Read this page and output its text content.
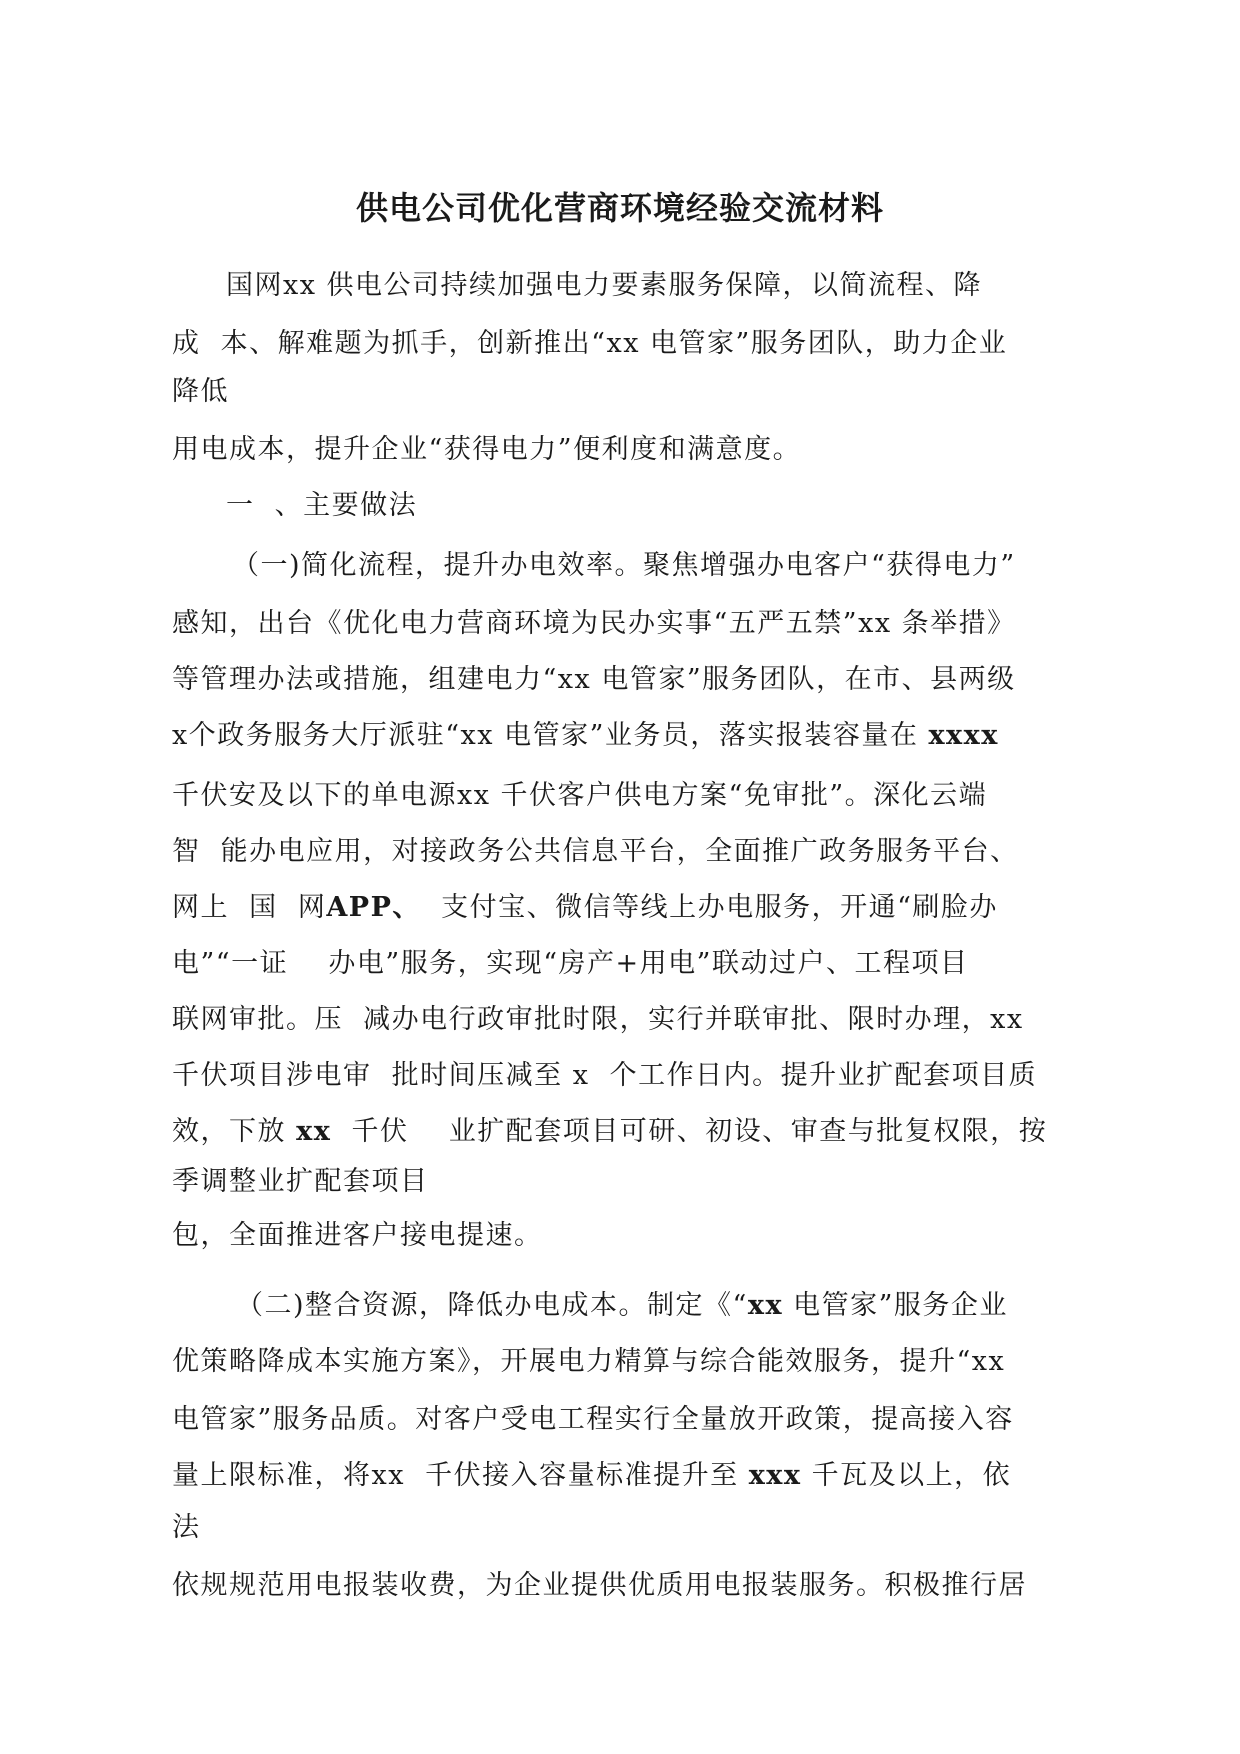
供电公司优化营商环境经验交流材料
国网xx 供电公司持续加强电力要素服务保障，以简流程、降
成  本、解难题为抓手，创新推出“xx 电管家”服务团队，助力企业
降低
用电成本，提升企业“获得电力”便利度和满意度。
一  、主要做法
（一)简化流程，提升办电效率。聚焦增强办电客户“获得电力”
感知，出台《优化电力营商环境为民办实事“五严五禁”xx 条举措》
等管理办法或措施，组建电力“xx 电管家”服务团队，在市、县两级
x个政务服务大厅派驻“xx 电管家”业务员，落实报装容量在 xxxx
千伏安及以下的单电源xx 千伏客户供电方案“免审批”。深化云端
智  能办电应用，对接政务公共信息平台，全面推广政务服务平台、
网上  国  网APP、  支付宝、微信等线上办电服务，开通“刷脸办
电”“一证    办电”服务，实现“房产+用电”联动过户、工程项目
联网审批。压  减办电行政审批时限，实行并联审批、限时办理，xx
千伏项目涉电审  批时间压减至 x  个工作日内。提升业扩配套项目质
效，下放 xx  千伏    业扩配套项目可研、初设、审查与批复权限，按
季调整业扩配套项目
包，全面推进客户接电提速。
（二)整合资源，降低办电成本。制定《“xx 电管家”服务企业
优策略降成本实施方案》，开展电力精算与综合能效服务，提升“xx
电管家”服务品质。对客户受电工程实行全量放开政策，提高接入容
量上限标准，将xx  千伏接入容量标准提升至 xxx 千瓦及以上，依
法
依规规范用电报装收费，为企业提供优质用电报装服务。积极推行居
